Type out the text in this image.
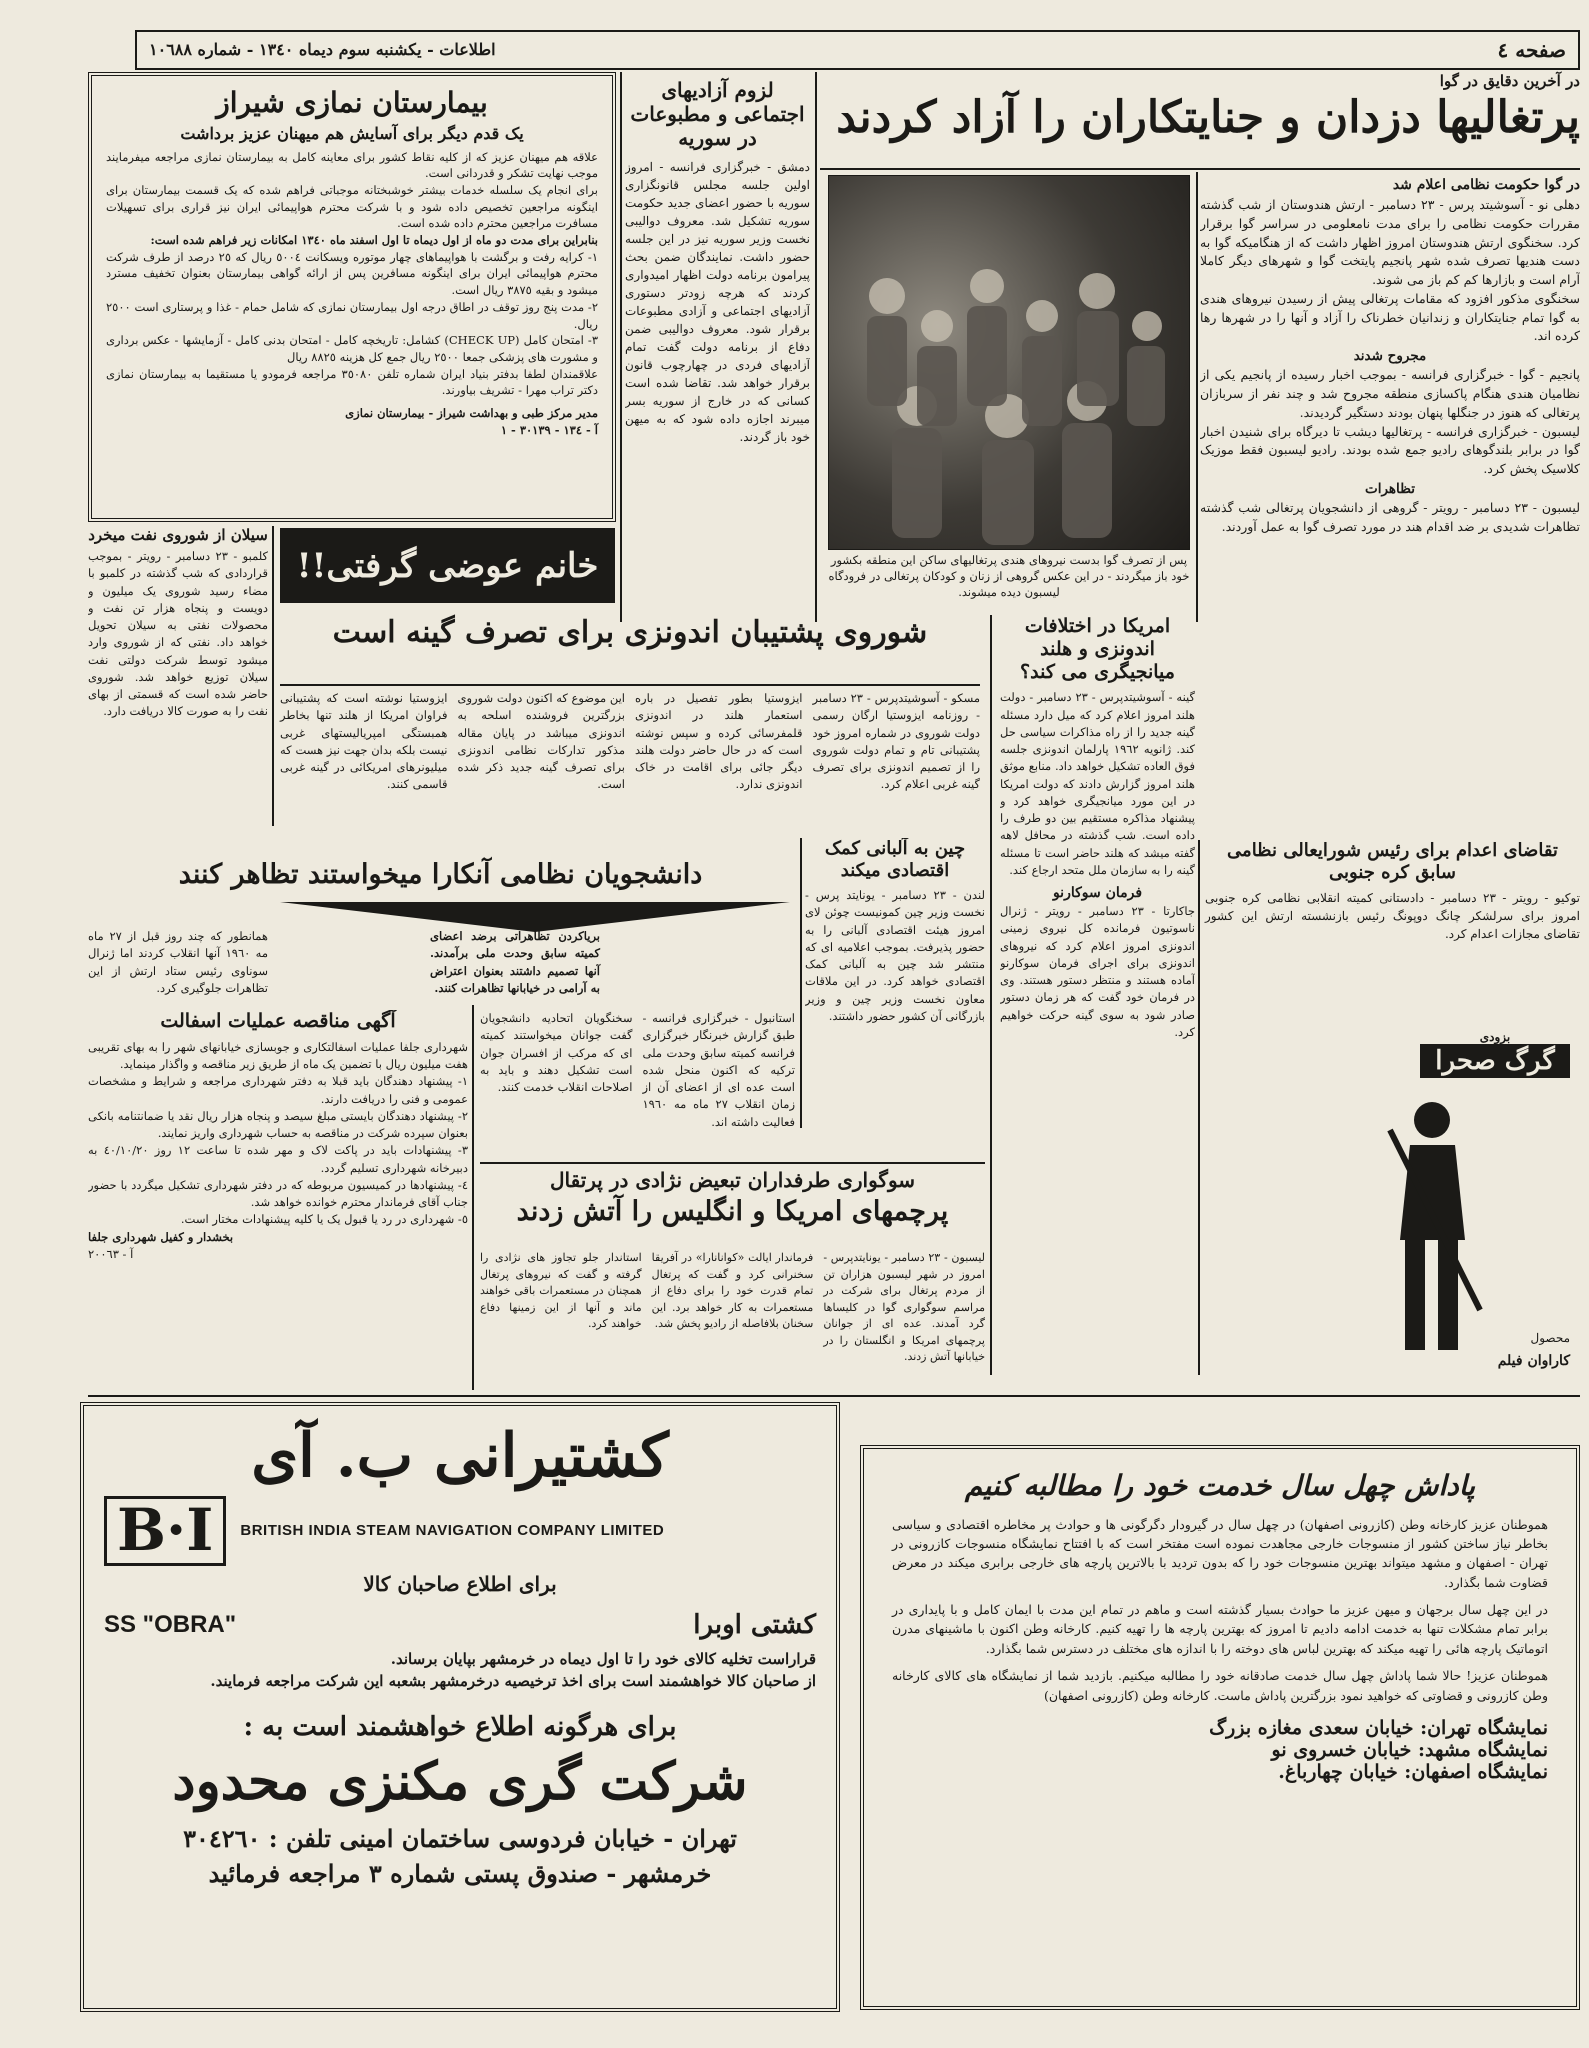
صفحه ٤
اطلاعات - یکشنبه سوم دیماه ١٣٤٠ - شماره ١٠٦٨٨
در آخرین دقایق در گوا
پرتغالیها دزدان و جنایتکاران را آزاد کردند

در گوا حکومت نظامی اعلام شد

دهلی نو - آسوشیتد پرس - ۲۳ دسامبر - ارتش هندوستان از شب گذشته مقررات حکومت نظامی را برای مدت نامعلومی در سراسر گوا برقرار کرد. سخنگوی ارتش هندوستان امروز اظهار داشت که از هنگامیکه گوا به دست هندیها تصرف شده شهر پانجیم پایتخت گوا و شهرهای دیگر کاملا آرام است و بازارها کم کم باز می شوند.

سخنگوی مذکور افزود که مقامات پرتغالی پیش از رسیدن نیروهای هندی به گوا تمام جنایتکاران و زندانیان خطرناک را آزاد و آنها را در شهرها رها کرده اند.

مجروح شدند

پانجیم - گوا - خبرگزاری فرانسه - بموجب اخبار رسیده از پانجیم یکی از نظامیان هندی هنگام پاکسازی منطقه مجروح شد و چند نفر از سربازان پرتغالی که هنوز در جنگلها پنهان بودند دستگیر گردیدند.

لیسبون - خبرگزاری فرانسه - پرتغالیها دیشب تا دیرگاه برای شنیدن اخبار گوا در برابر بلندگوهای رادیو جمع شده بودند. رادیو لیسبون فقط موزیک کلاسیک پخش کرد.

تظاهرات

لیسبون - ۲۳ دسامبر - رویتر - گروهی از دانشجویان پرتغالی شب گذشته تظاهرات شدیدی بر ضد اقدام هند در مورد تصرف گوا به عمل آوردند.

پس از تصرف گوا بدست نیروهای هندی پرتغالیهای ساکن این منطقه بکشور خود باز میگردند - در این عکس گروهی از زنان و کودکان پرتغالی در فرودگاه لیسبون دیده میشوند.
لزوم آزادیهای اجتماعی و مطبوعات در سوریه
دمشق - خبرگزاری فرانسه - امروز اولین جلسه مجلس قانونگزاری سوریه با حضور اعضای جدید حکومت سوریه تشکیل شد. معروف دوالیبی نخست وزیر سوریه نیز در این جلسه حضور داشت. نمایندگان ضمن بحث پیرامون برنامه دولت اظهار امیدواری کردند که هرچه زودتر دستوری آزادیهای اجتماعی و آزادی مطبوعات برقرار شود. معروف دوالیبی ضمن دفاع از برنامه دولت گفت تمام آزادیهای فردی در چهارچوب قانون برقرار خواهد شد. تقاضا شده است کسانی که در خارج از سوریه بسر میبرند اجازه داده شود که به میهن خود باز گردند.
بیمارستان نمازی شیراز
یک قدم دیگر برای آسایش هم میهنان عزیز برداشت

علاقه هم میهنان عزیز که از کلیه نقاط کشور برای معاینه کامل به بیمارستان نمازی مراجعه میفرمایند موجب نهایت تشکر و قدردانی است.

برای انجام یک سلسله خدمات بیشتر خوشبختانه موجباتی فراهم شده که یک قسمت بیمارستان برای اینگونه مراجعین تخصیص داده شود و با شرکت محترم هواپیمائی ایران نیز قراری برای تسهیلات مسافرت مراجعین محترم داده شده است.

بنابراین برای مدت دو ماه از اول دیماه تا اول اسفند ماه ١٣٤٠ امکانات زیر فراهم شده است:

١- کرایه رفت و برگشت با هواپیماهای چهار موتوره ویسکانت ٥٠٠٤ ریال که ٢٥ درصد از طرف شرکت محترم هواپیمائی ایران برای اینگونه مسافرین پس از ارائه گواهی بیمارستان بعنوان تخفیف مسترد میشود و بقیه ٣٨٧٥ ریال است.

٢- مدت پنج روز توقف در اطاق درجه اول بیمارستان نمازی که شامل حمام - غذا و پرستاری است ٢٥٠٠ ریال.

٣- امتحان کامل (CHECK UP) کشامل: تاریخچه کامل - امتحان بدنی کامل - آزمایشها - عکس برداری و مشورت های پزشکی جمعا ٢٥٠٠ ریال جمع کل هزینه ٨٨٢٥ ریال

علاقمندان لطفا بدفتر بنیاد ایران شماره تلفن ٣٥٠٨٠ مراجعه فرمودو یا مستقیما به بیمارستان نمازی دکتر تراب مهرا - تشریف بیاورند.

مدیر مرکز طبی و بهداشت شیراز - بیمارستان نمازی

آ - ١٣٤ - ٣٠١٣٩ - ١

سیلان از شوروی نفت میخرد
کلمبو - ۲۳ دسامبر - رویتر - بموجب قراردادی که شب گذشته در کلمبو با مضاء رسید شوروی یک میلیون و دویست و پنجاه هزار تن نفت و محصولات نفتی به سیلان تحویل خواهد داد. نفتی که از شوروی وارد میشود توسط شرکت دولتی نفت سیلان توزیع خواهد شد. شوروی حاضر شده است که قسمتی از بهای نفت را به صورت کالا دریافت دارد.
خانم عوضی گرفتی!!
شوروی پشتیبان اندونزی برای تصرف گینه است
مسکو - آسوشیتدپرس - ۲۳ دسامبر - روزنامه ایزوستیا ارگان رسمی دولت شوروی در شماره امروز خود پشتیبانی تام و تمام دولت شوروی را از تصمیم اندونزی برای تصرف گینه غربی اعلام کرد.
ایزوستیا بطور تفصیل در باره استعمار هلند در اندونزی قلمفرسائی کرده و سپس نوشته است که در حال حاضر دولت هلند دیگر جائی برای اقامت در خاک اندونزی ندارد.
این موضوع که اکنون دولت شوروی بزرگترین فروشنده اسلحه به اندونزی میباشد در پایان مقاله مذکور تدارکات نظامی اندونزی برای تصرف گینه جدید ذکر شده است.
ایزوستیا نوشته است که پشتیبانی فراوان امریکا از هلند تنها بخاطر همبستگی امپریالیستهای غربی نیست بلکه بدان جهت نیز هست که میلیونرهای امریکائی در گینه غربی قاسمی کنند.
امریکا در اختلافات اندونزی و هلند میانجیگری می کند؟
گینه - آسوشیتدپرس - ۲۳ دسامبر - دولت هلند امروز اعلام کرد که میل دارد مسئله گینه جدید را از راه مذاکرات سیاسی حل کند. ژانویه ١٩٦٢ پارلمان اندونزی جلسه فوق العاده تشکیل خواهد داد. منابع موثق هلند امروز گزارش دادند که دولت امریکا در این مورد میانجیگری خواهد کرد و پیشنهاد مذاکره مستقیم بین دو طرف را داده است. شب گذشته در محافل لاهه گفته میشد که هلند حاضر است تا مسئله گینه را به سازمان ملل متحد ارجاع کند.
فرمان سوکارنو
جاکارتا - ۲۳ دسامبر - رویتر - ژنرال ناسوتیون فرمانده کل نیروی زمینی اندونزی امروز اعلام کرد که نیروهای اندونزی برای اجرای فرمان سوکارنو آماده هستند و منتظر دستور هستند. وی در فرمان خود گفت که هر زمان دستور صادر شود به سوی گینه حرکت خواهیم کرد.
تقاضای اعدام برای رئیس شورایعالی نظامی سابق کره جنوبی
توکیو - رویتر - ۲۳ دسامبر - دادستانی کمیته انقلابی نظامی کره جنوبی امروز برای سرلشکر چانگ دوپونگ رئیس بازنشسته ارتش این کشور تقاضای مجازات اعدام کرد.
بزودی
گرگ صحرا
محصول
کاراوان فیلم
چین به آلبانی کمک اقتصادی میکند
لندن - ۲۳ دسامبر - یونایتد پرس - نخست وزیر چین کمونیست چوئن لای امروز هیئت اقتصادی آلبانی را به حضور پذیرفت. بموجب اعلامیه ای که منتشر شد چین به آلبانی کمک اقتصادی خواهد کرد. در این ملاقات معاون نخست وزیر چین و وزیر بازرگانی آن کشور حضور داشتند.
دانشجویان نظامی آنکارا میخواستند تظاهر کنند
بریاکردن تظاهراتی برضد اعضای کمیته سابق وحدت ملی برآمدند. آنها تصمیم داشتند بعنوان اعتراض به آرامی در خیابانها تظاهرات کنند.
همانطور که چند روز قبل از ۲۷ ماه مه ١٩٦٠ آنها انقلاب کردند اما ژنرال سوناوی رئیس ستاد ارتش از این تظاهرات جلوگیری کرد.
استانبول - خبرگزاری فرانسه - طبق گزارش خبرنگار خبرگزاری فرانسه کمیته سابق وحدت ملی ترکیه که اکنون منحل شده است عده ای از اعضای آن از زمان انقلاب ٢٧ ماه مه ١٩٦٠ فعالیت داشته اند.
سخنگویان اتحادیه دانشجویان گفت جوانان میخواستند کمیته ای که مرکب از افسران جوان است تشکیل دهند و باید به اصلاحات انقلاب خدمت کنند.
آگهی مناقصه عملیات اسفالت

شهرداری جلفا عملیات اسفالتکاری و جوبسازی خیابانهای شهر را به بهای تقریبی هفت میلیون ریال با تضمین یک ماه از طریق زیر مناقصه و واگذار مینماید.

١- پیشنهاد دهندگان باید قبلا به دفتر شهرداری مراجعه و شرایط و مشخصات عمومی و فنی را دریافت دارند.

٢- پیشنهاد دهندگان بایستی مبلغ سیصد و پنجاه هزار ریال نقد یا ضمانتنامه بانکی بعنوان سپرده شرکت در مناقصه به حساب شهرداری واریز نمایند.

٣- پیشنهادات باید در پاکت لاک و مهر شده تا ساعت ١٢ روز ٤٠/١٠/٢٠ به دبیرخانه شهرداری تسلیم گردد.

٤- پیشنهادها در کمیسیون مربوطه که در دفتر شهرداری تشکیل میگردد با حضور جناب آقای فرماندار محترم خوانده خواهد شد.

٥- شهرداری در رد یا قبول یک یا کلیه پیشنهادات مختار است.

بخشدار و کفیل شهرداری جلفا

آ - ٢٠٠٦٣

سوگواری طرفداران تبعیض نژادی در پرتقال
پرچمهای امریکا و انگلیس را آتش زدند
لیسبون - ۲۳ دسامبر - یونایتدپرس - امروز در شهر لیسبون هزاران تن از مردم پرتغال برای شرکت در مراسم سوگواری گوا در کلیساها گرد آمدند. عده ای از جوانان پرچمهای امریکا و انگلستان را در خیابانها آتش زدند.
فرماندار ایالت «کوانانارا» در آفریقا سخنرانی کرد و گفت که پرتغال تمام قدرت خود را برای دفاع از مستعمرات به کار خواهد برد. این سخنان بلافاصله از رادیو پخش شد.
استاندار جلو تجاوز های نژادی را گرفته و گفت که نیروهای پرتغال همچنان در مستعمرات باقی خواهند ماند و آنها از این زمینها دفاع خواهند کرد.
کشتیرانی ب. آی
B·I	BRITISH INDIA STEAM NAVIGATION COMPANY LIMITED
برای اطلاع صاحبان کالا
کشتی اوبرا
SS "OBRA"
قراراست تخلیه کالای خود را تا اول دیماه در خرمشهر بپایان برساند.
از صاحبان کالا خواهشمند است برای اخذ ترخیصیه درخرمشهر بشعبه این شرکت مراجعه فرمایند.
برای هرگونه اطلاع خواهشمند است به :
شرکت گری مکنزی محدود
تهران - خیابان فردوسی ساختمان امینی تلفن : ٣٠٤٢٦٠
خرمشهر - صندوق پستی شماره ٣ مراجعه فرمائید
پاداش چهل سال خدمت خود را مطالبه کنیم

هموطنان عزیز کارخانه وطن (کازرونی اصفهان) در چهل سال در گیرودار دگرگونی ها و حوادث پر مخاطره اقتصادی و سیاسی بخاطر نیاز ساختن کشور از منسوجات خارجی مجاهدت نموده است مفتخر است که با افتتاح نمایشگاه منسوجات کازرونی در تهران - اصفهان و مشهد میتواند بهترین منسوجات خود را که بدون تردید با بالاترین پارچه های خارجی برابری میکند در معرض قضاوت شما بگذارد.

در این چهل سال برجهان و میهن عزیز ما حوادث بسیار گذشته است و ماهم در تمام این مدت با ایمان کامل و با پایداری در برابر تمام مشکلات تنها به خدمت ادامه دادیم تا امروز که بهترین پارچه ها را تهیه کنیم. کارخانه وطن اکنون با ماشینهای مدرن اتوماتیک پارچه هائی را تهیه میکند که بهترین لباس های دوخته را با اندازه های مختلف در دسترس شما بگذارد.

هموطنان عزیز! حالا شما پاداش چهل سال خدمت صادقانه خود را مطالبه میکنیم. بازدید شما از نمایشگاه های کالای کارخانه وطن کازرونی و قضاوتی که خواهید نمود بزرگترین پاداش ماست. کارخانه وطن (کازرونی اصفهان)

نمایشگاه تهران: خیابان سعدی مغازه بزرگ
نمایشگاه مشهد: خیابان خسروی نو
نمایشگاه اصفهان: خیابان چهارباغ.
